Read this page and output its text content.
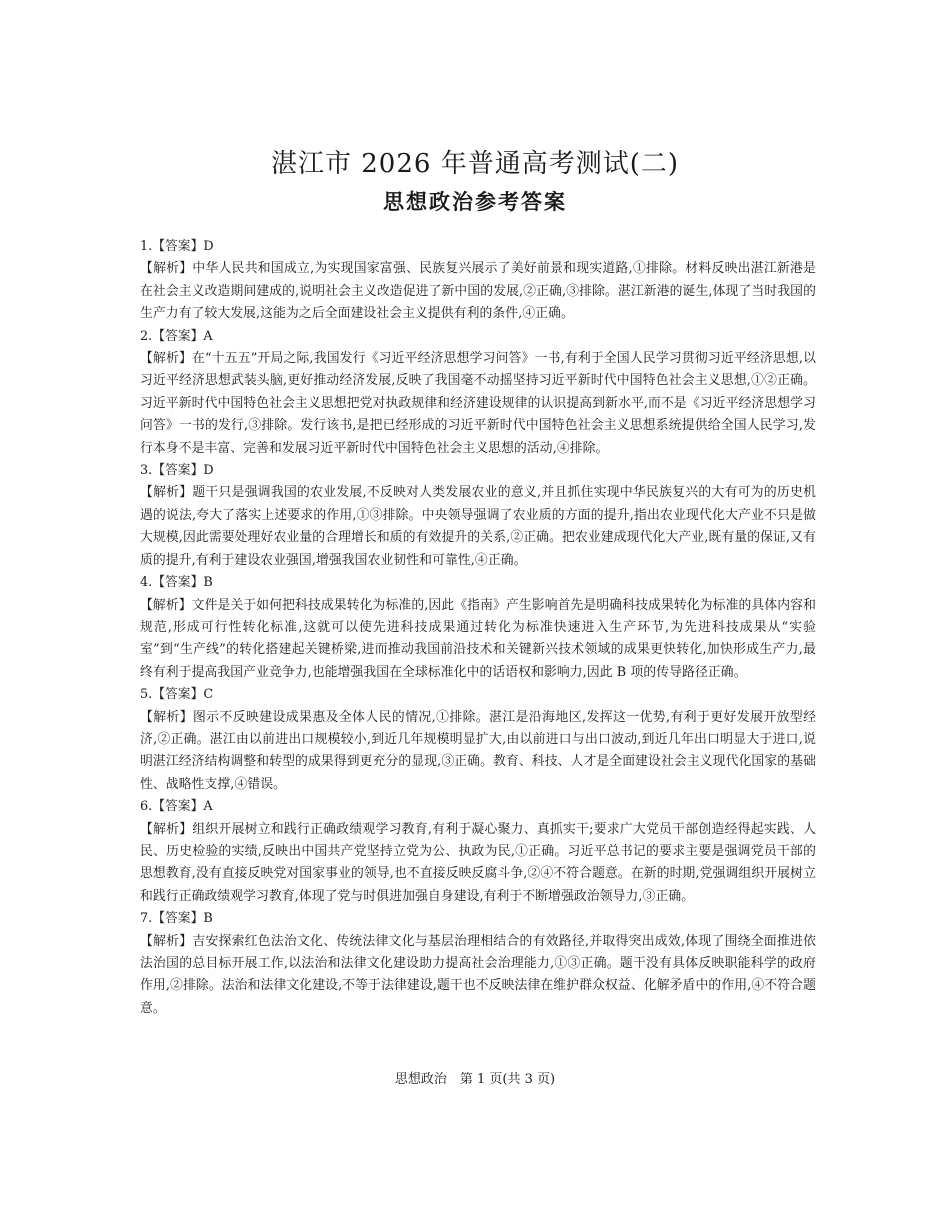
湛江市 2026 年普通高考测试(二)
思想政治参考答案

1.【答案】D

【解析】中华人民共和国成立,为实现国家富强、民族复兴展示了美好前景和现实道路,①排除。材料反映出湛江新港是在社会主义改造期间建成的,说明社会主义改造促进了新中国的发展,②正确,③排除。湛江新港的诞生,体现了当时我国的生产力有了较大发展,这能为之后全面建设社会主义提供有利的条件,④正确。

2.【答案】A

【解析】在“十五五”开局之际,我国发行《习近平经济思想学习问答》一书,有利于全国人民学习贯彻习近平经济思想,以习近平经济思想武装头脑,更好推动经济发展,反映了我国毫不动摇坚持习近平新时代中国特色社会主义思想,①②正确。习近平新时代中国特色社会主义思想把党对执政规律和经济建设规律的认识提高到新水平,而不是《习近平经济思想学习问答》一书的发行,③排除。发行该书,是把已经形成的习近平新时代中国特色社会主义思想系统提供给全国人民学习,发行本身不是丰富、完善和发展习近平新时代中国特色社会主义思想的活动,④排除。

3.【答案】D

【解析】题干只是强调我国的农业发展,不反映对人类发展农业的意义,并且抓住实现中华民族复兴的大有可为的历史机遇的说法,夸大了落实上述要求的作用,①③排除。中央领导强调了农业质的方面的提升,指出农业现代化大产业不只是做大规模,因此需要处理好农业量的合理增长和质的有效提升的关系,②正确。把农业建成现代化大产业,既有量的保证,又有质的提升,有利于建设农业强国,增强我国农业韧性和可靠性,④正确。

4.【答案】B

【解析】文件是关于如何把科技成果转化为标准的,因此《指南》产生影响首先是明确科技成果转化为标准的具体内容和规范,形成可行性转化标准,这就可以使先进科技成果通过转化为标准快速进入生产环节,为先进科技成果从“实验室”到“生产线”的转化搭建起关键桥梁,进而推动我国前沿技术和关键新兴技术领域的成果更快转化,加快形成生产力,最终有利于提高我国产业竞争力,也能增强我国在全球标准化中的话语权和影响力,因此 B 项的传导路径正确。

5.【答案】C

【解析】图示不反映建设成果惠及全体人民的情况,①排除。湛江是沿海地区,发挥这一优势,有利于更好发展开放型经济,②正确。湛江由以前进出口规模较小,到近几年规模明显扩大,由以前进口与出口波动,到近几年出口明显大于进口,说明湛江经济结构调整和转型的成果得到更充分的显现,③正确。教育、科技、人才是全面建设社会主义现代化国家的基础性、战略性支撑,④错误。

6.【答案】A

【解析】组织开展树立和践行正确政绩观学习教育,有利于凝心聚力、真抓实干;要求广大党员干部创造经得起实践、人民、历史检验的实绩,反映出中国共产党坚持立党为公、执政为民,①正确。习近平总书记的要求主要是强调党员干部的思想教育,没有直接反映党对国家事业的领导,也不直接反映反腐斗争,②④不符合题意。在新的时期,党强调组织开展树立和践行正确政绩观学习教育,体现了党与时俱进加强自身建设,有利于不断增强政治领导力,③正确。

7.【答案】B

【解析】吉安探索红色法治文化、传统法律文化与基层治理相结合的有效路径,并取得突出成效,体现了围绕全面推进依法治国的总目标开展工作,以法治和法律文化建设助力提高社会治理能力,①③正确。题干没有具体反映职能科学的政府作用,②排除。法治和法律文化建设,不等于法律建设,题干也不反映法律在维护群众权益、化解矛盾中的作用,④不符合题意。

思想政治　第 1 页(共 3 页)
